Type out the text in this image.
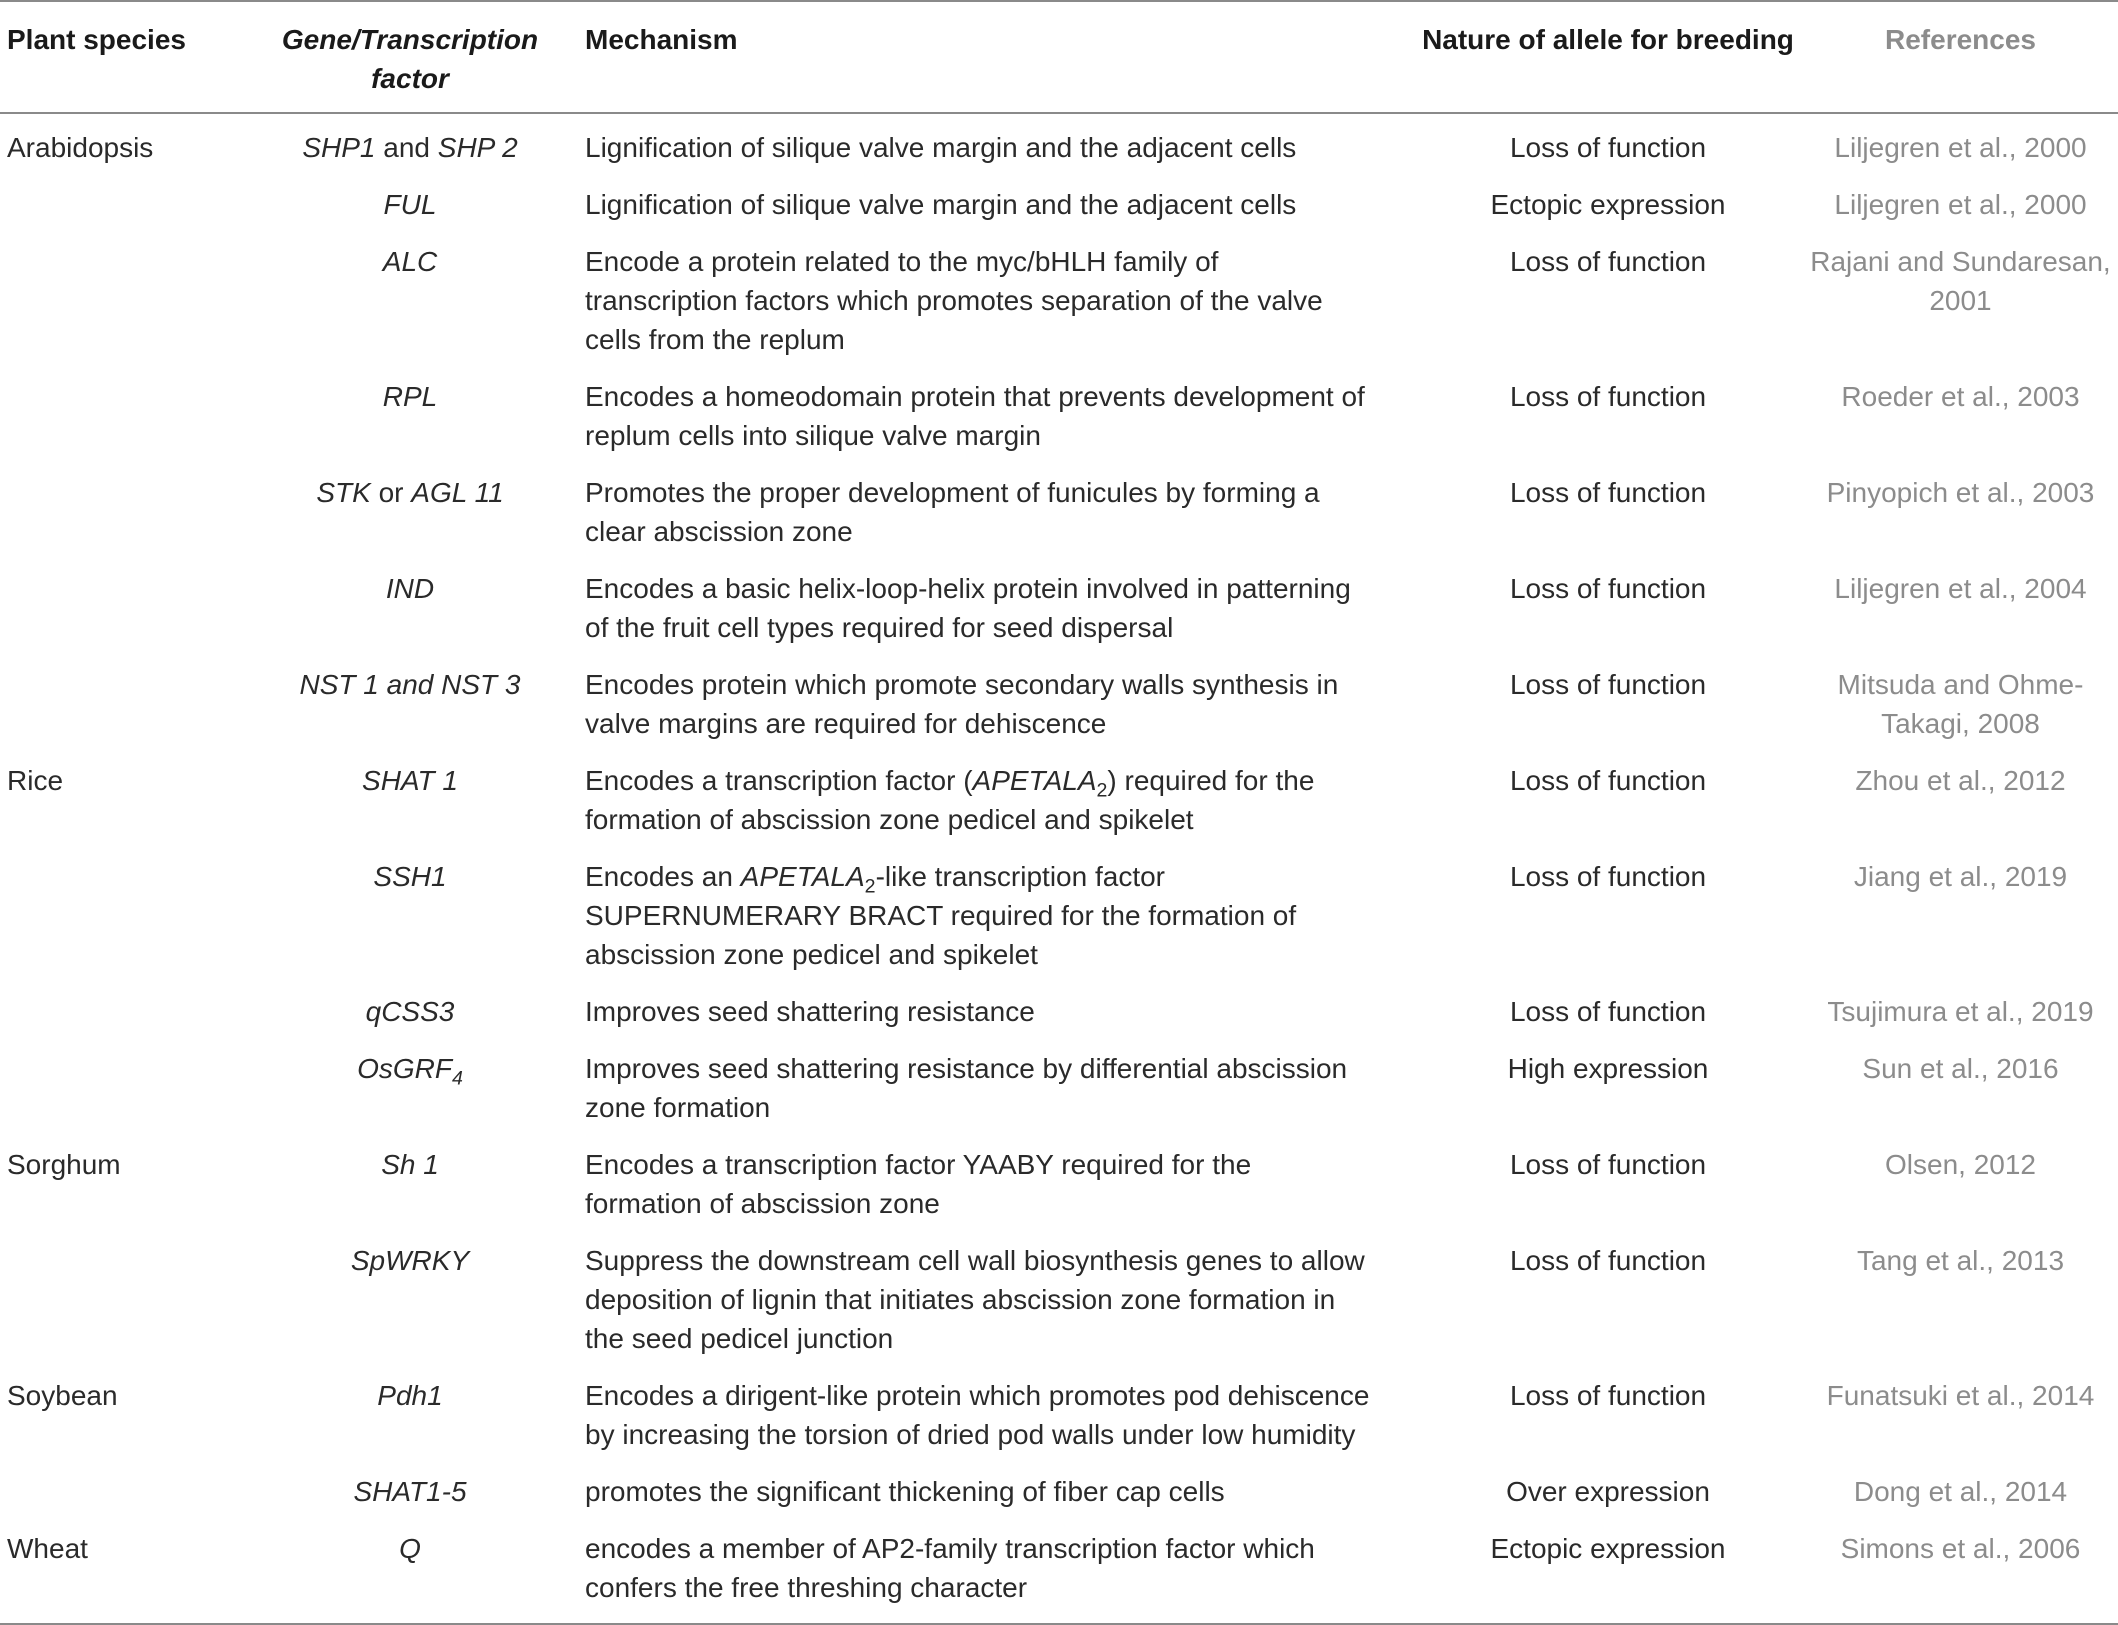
Plant species	Gene/Transcription factor	Mechanism	Nature of allele for breeding	References
Arabidopsis	SHP1 and SHP 2	Lignification of silique valve margin and the adjacent cells	Loss of function	Liljegren et al., 2000
	FUL	Lignification of silique valve margin and the adjacent cells	Ectopic expression	Liljegren et al., 2000
	ALC	Encode a protein related to the myc/bHLH family of transcription factors which promotes separation of the valve cells from the replum	Loss of function	Rajani and Sundaresan, 2001
	RPL	Encodes a homeodomain protein that prevents development of replum cells into silique valve margin	Loss of function	Roeder et al., 2003
	STK or AGL 11	Promotes the proper development of funicules by forming a clear abscission zone	Loss of function	Pinyopich et al., 2003
	IND	Encodes a basic helix-loop-helix protein involved in patterning of the fruit cell types required for seed dispersal	Loss of function	Liljegren et al., 2004
	NST 1 and NST 3	Encodes protein which promote secondary walls synthesis in valve margins are required for dehiscence	Loss of function	Mitsuda and Ohme-Takagi, 2008
Rice	SHAT 1	Encodes a transcription factor $(APETALA_2)$ required for the formation of abscission zone pedicel and spikelet	Loss of function	Zhou et al., 2012
	SSH1	Encodes an $APETALA_2$-like transcription factor SUPERNUMERARY BRACT required for the formation of abscission zone pedicel and spikelet	Loss of function	Jiang et al., 2019
	qCSS3	Improves seed shattering resistance	Loss of function	Tsujimura et al., 2019
	OsGRF$_4$	Improves seed shattering resistance by differential abscission zone formation	High expression	Sun et al., 2016
Sorghum	Sh 1	Encodes a transcription factor YAABY required for the formation of abscission zone	Loss of function	Olsen, 2012
	SpWRKY	Suppress the downstream cell wall biosynthesis genes to allow deposition of lignin that initiates abscission zone formation in the seed pedicel junction	Loss of function	Tang et al., 2013
Soybean	Pdh1	Encodes a dirigent-like protein which promotes pod dehiscence by increasing the torsion of dried pod walls under low humidity	Loss of function	Funatsuki et al., 2014
	SHAT1-5	promotes the significant thickening of fiber cap cells	Over expression	Dong et al., 2014
Wheat	Q	encodes a member of AP2-family transcription factor which confers the free threshing character	Ectopic expression	Simons et al., 2006
